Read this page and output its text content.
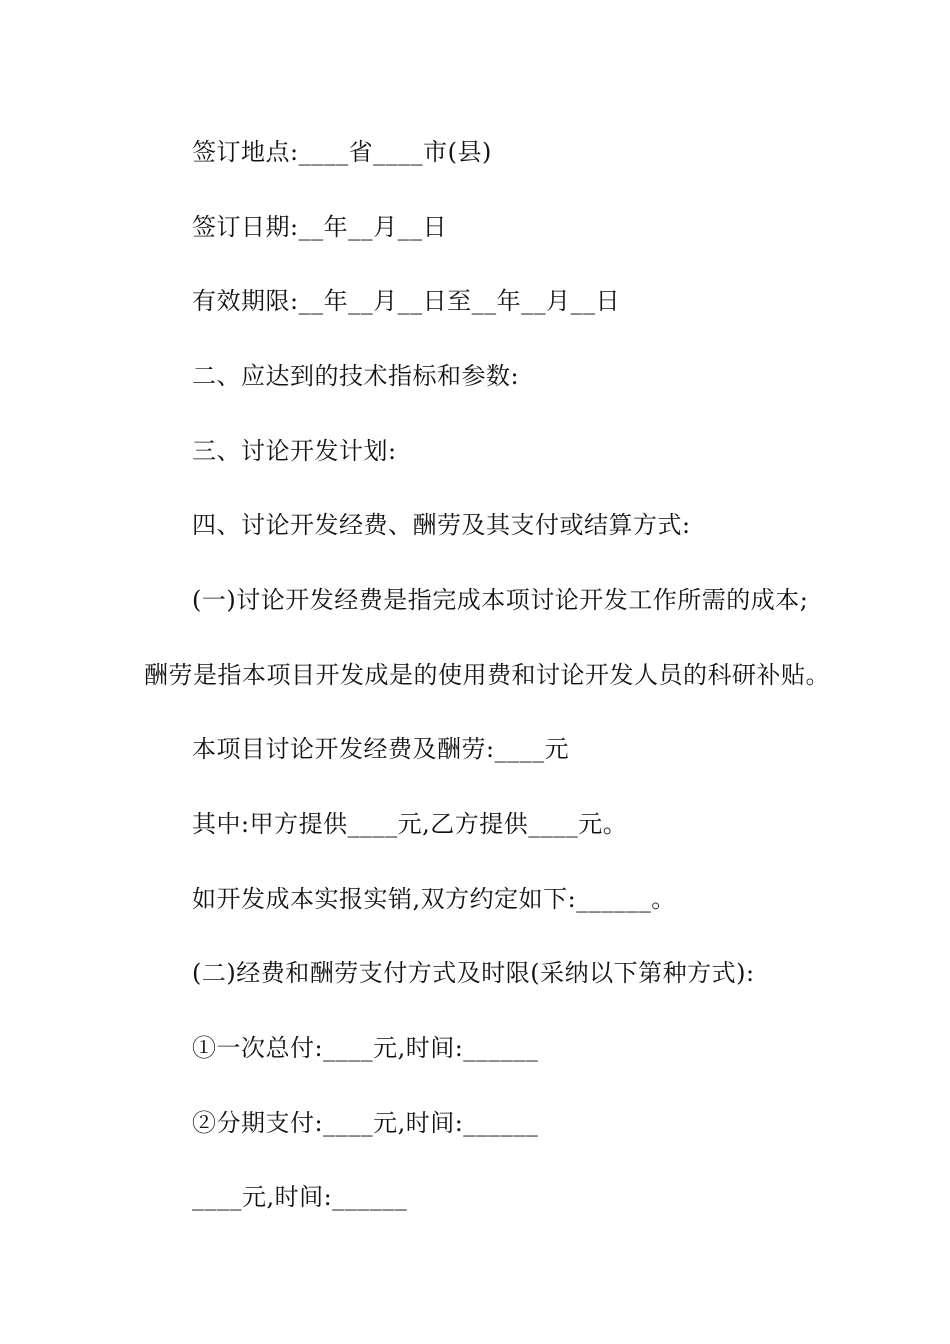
签订地点:____省____市(县)
签订日期:__年__月__日
有效期限:__年__月__日至__年__月__日
二、应达到的技术指标和参数:
三、讨论开发计划:
四、讨论开发经费、酬劳及其支付或结算方式:
(一)讨论开发经费是指完成本项讨论开发工作所需的成本;
酬劳是指本项目开发成是的使用费和讨论开发人员的科研补贴。
本项目讨论开发经费及酬劳:____元
其中:甲方提供____元,乙方提供____元。
如开发成本实报实销,双方约定如下:______。
(二)经费和酬劳支付方式及时限(采纳以下第种方式):
①一次总付:____元,时间:______
②分期支付:____元,时间:______
____元,时间:______
